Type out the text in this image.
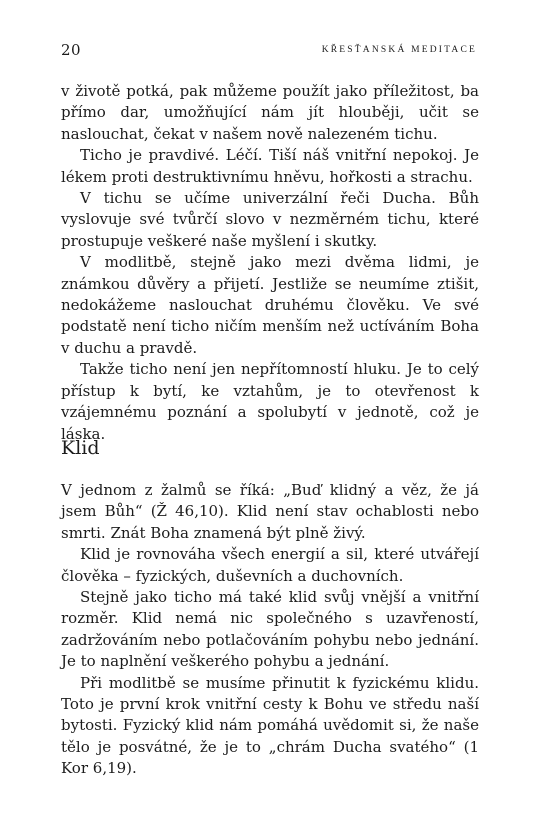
20	KŘESŤANSKÁ MEDITACE

v životě potká, pak můžeme použít jako příležitost, ba přímo dar, umožňující nám jít hlouběji, učit se naslouchat, čekat v našem nově nalezeném tichu.

Ticho je pravdivé. Léčí. Tiší náš vnitřní nepokoj. Je lékem proti destruktivnímu hněvu, hořkosti a strachu.

V tichu se učíme univerzální řeči Ducha. Bůh vyslovuje své tvůrčí slovo v nezměrném tichu, které prostupuje veškeré naše myšlení i skutky.

V modlitbě, stejně jako mezi dvěma lidmi, je známkou důvěry a přijetí. Jestliže se neumíme ztišit, nedokážeme naslouchat druhému člověku. Ve své podstatě není ticho ničím menším než uctíváním Boha v duchu a pravdě.

Takže ticho není jen nepřítomností hluku. Je to celý přístup k bytí, ke vztahům, je to otevřenost k vzájemnému poznání a spolubytí v jednotě, což je láska.

Klid

V jednom z žalmů se říká: „Buď klidný a věz, že já jsem Bůh“ (Ž 46,10). Klid není stav ochablosti nebo smrti. Znát Boha znamená být plně živý.

Klid je rovnováha všech energií a sil, které utvářejí člověka – fyzických, duševních a duchovních.

Stejně jako ticho má také klid svůj vnější a vnitřní rozměr. Klid nemá nic společného s uzavřeností, zadržováním nebo potlačováním pohybu nebo jednání. Je to naplnění veškerého pohybu a jednání.

Při modlitbě se musíme přinutit k fyzickému klidu. Toto je první krok vnitřní cesty k Bohu ve středu naší bytosti. Fyzický klid nám pomáhá uvědomit si, že naše tělo je posvátné, že je to „chrám Ducha svatého“ (1 Kor 6,19).
